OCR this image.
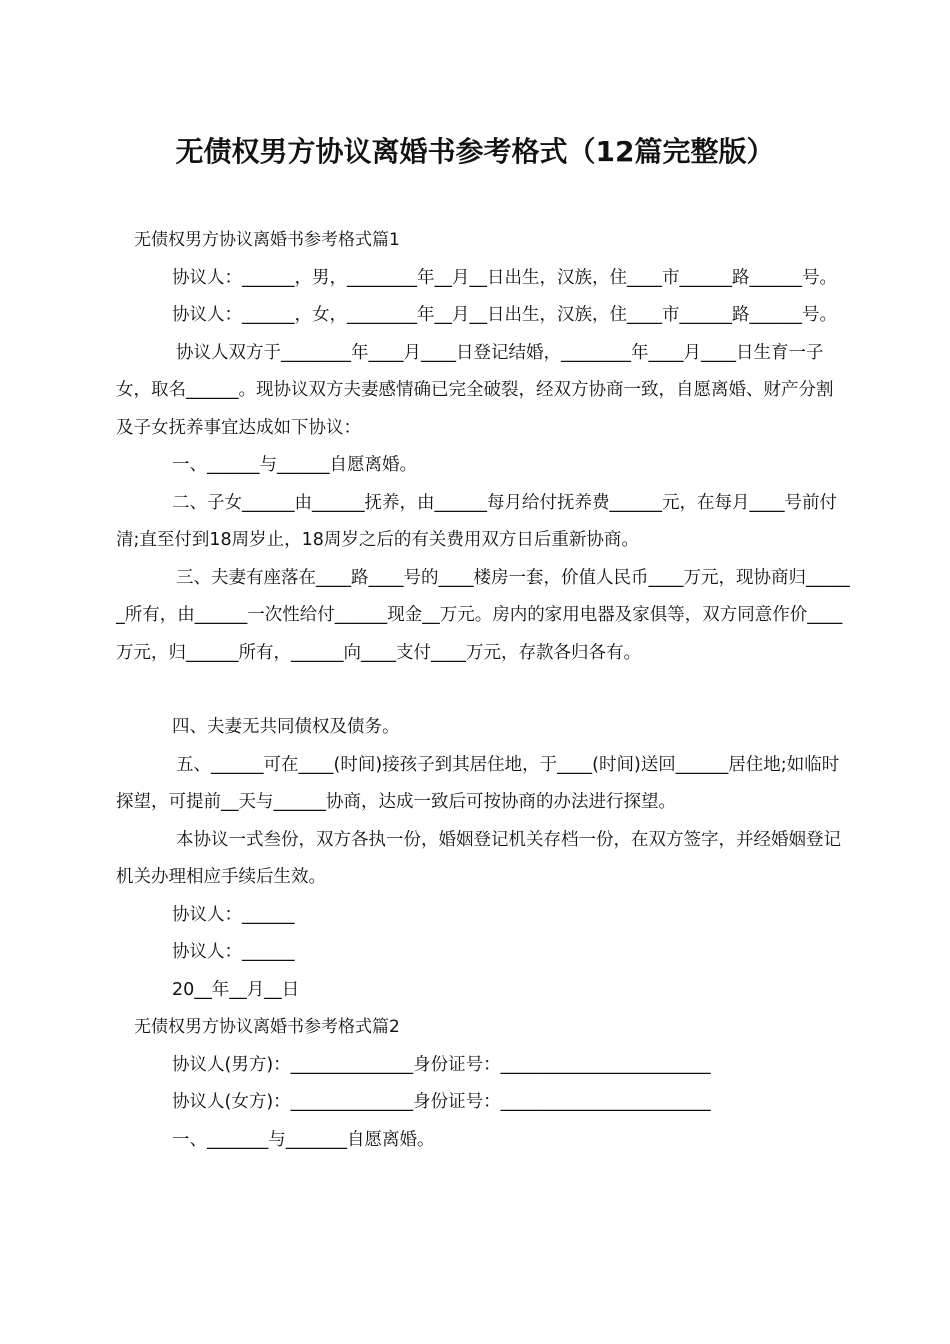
无债权男方协议离婚书参考格式（12篇完整版）

无债权男方协议离婚书参考格式篇1

协议人：______，男，________年__月__日出生，汉族，住____市______路______号。

协议人：______，女，________年__月__日出生，汉族，住____市______路______号。

协议人双方于________年____月____日登记结婚，________年____月____日生育一子女，取名______。现协议双方夫妻感情确已完全破裂，经双方协商一致，自愿离婚、财产分割及子女抚养事宜达成如下协议：

一、______与______自愿离婚。

二、子女______由______抚养，由______每月给付抚养费______元，在每月____号前付清;直至付到18周岁止，18周岁之后的有关费用双方日后重新协商。

三、夫妻有座落在____路____号的____楼房一套，价值人民币____万元，现协商归______所有，由______一次性给付______现金__万元。房内的家用电器及家俱等，双方同意作价____万元，归______所有，______向____支付____万元，存款各归各有。

四、夫妻无共同债权及债务。

五、______可在____(时间)接孩子到其居住地，于____(时间)送回______居住地;如临时探望，可提前__天与______协商，达成一致后可按协商的办法进行探望。

本协议一式叁份，双方各执一份，婚姻登记机关存档一份，在双方签字，并经婚姻登记机关办理相应手续后生效。

协议人：______

协议人：______

20__年__月__日

无债权男方协议离婚书参考格式篇2

协议人(男方)：______________身份证号：________________________

协议人(女方)：______________身份证号：________________________

一、_______与_______自愿离婚。
